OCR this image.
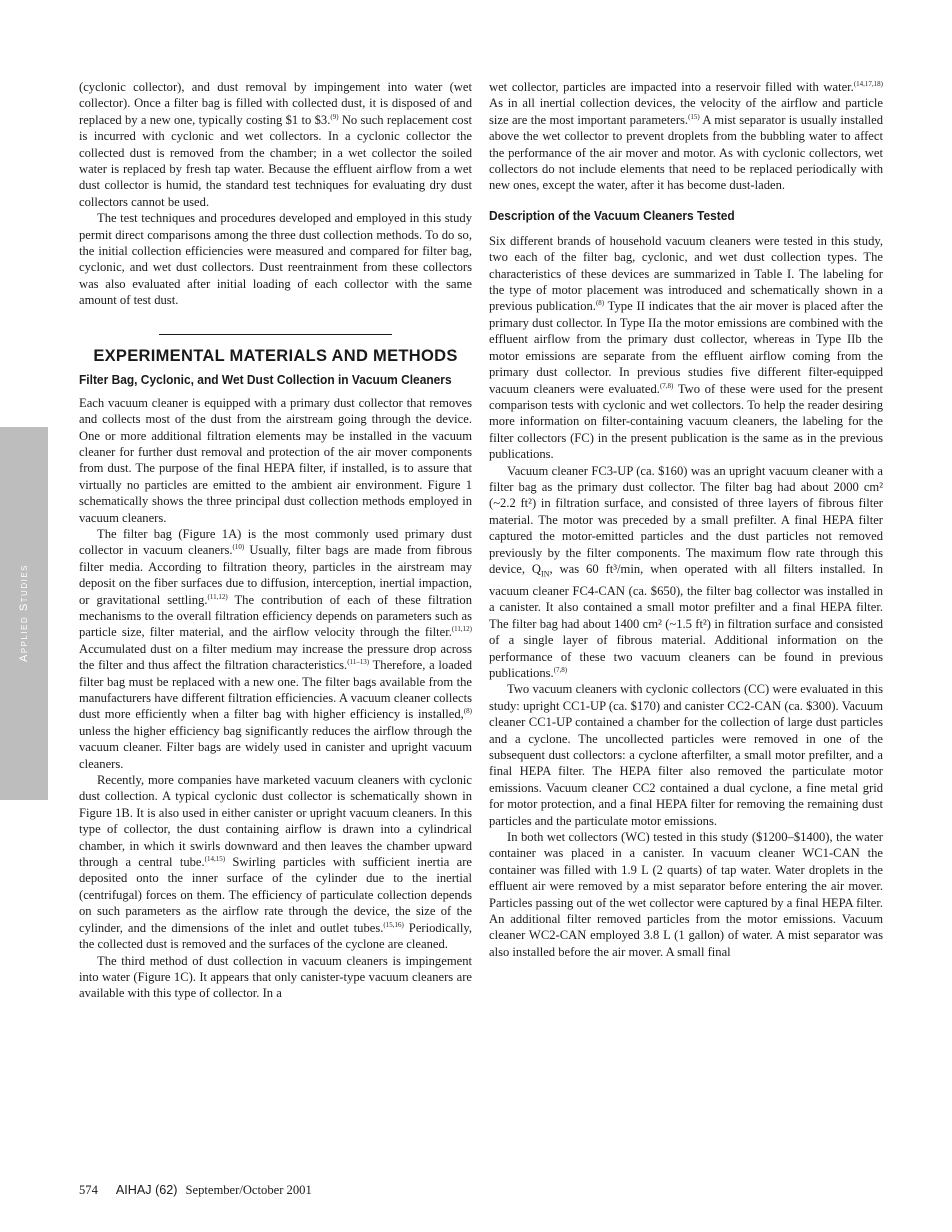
Applied Studies

(cyclonic collector), and dust removal by impingement into water (wet collector). Once a filter bag is filled with collected dust, it is disposed of and replaced by a new one, typically costing $1 to $3.$^{(9)}$ No such replacement cost is incurred with cyclonic and wet collectors. In a cyclonic collector the collected dust is removed from the chamber; in a wet collector the soiled water is replaced by fresh tap water. Because the effluent airflow from a wet dust collector is humid, the standard test techniques for evaluating dry dust collectors cannot be used.

The test techniques and procedures developed and employed in this study permit direct comparisons among the three dust collection methods. To do so, the initial collection efficiencies were measured and compared for filter bag, cyclonic, and wet dust collectors. Dust reentrainment from these collectors was also evaluated after initial loading of each collector with the same amount of test dust.

EXPERIMENTAL MATERIALS AND METHODS
Filter Bag, Cyclonic, and Wet Dust Collection in Vacuum Cleaners

Each vacuum cleaner is equipped with a primary dust collector that removes and collects most of the dust from the airstream going through the device. One or more additional filtration elements may be installed in the vacuum cleaner for further dust removal and protection of the air mover components from dust. The purpose of the final HEPA filter, if installed, is to assure that virtually no particles are emitted to the ambient air environment. Figure 1 schematically shows the three principal dust collection methods employed in vacuum cleaners.

The filter bag (Figure 1A) is the most commonly used primary dust collector in vacuum cleaners.$^{(10)}$ Usually, filter bags are made from fibrous filter media. According to filtration theory, particles in the airstream may deposit on the fiber surfaces due to diffusion, interception, inertial impaction, or gravitational settling.$^{(11,12)}$ The contribution of each of these filtration mechanisms to the overall filtration efficiency depends on parameters such as particle size, filter material, and the airflow velocity through the filter.$^{(11,12)}$ Accumulated dust on a filter medium may increase the pressure drop across the filter and thus affect the filtration characteristics.$^{(11-13)}$ Therefore, a loaded filter bag must be replaced with a new one. The filter bags available from the manufacturers have different filtration efficiencies. A vacuum cleaner collects dust more efficiently when a filter bag with higher efficiency is installed,$^{(8)}$ unless the higher efficiency bag significantly reduces the airflow through the vacuum cleaner. Filter bags are widely used in canister and upright vacuum cleaners.

Recently, more companies have marketed vacuum cleaners with cyclonic dust collection. A typical cyclonic dust collector is schematically shown in Figure 1B. It is also used in either canister or upright vacuum cleaners. In this type of collector, the dust containing airflow is drawn into a cylindrical chamber, in which it swirls downward and then leaves the chamber upward through a central tube.$^{(14,15)}$ Swirling particles with sufficient inertia are deposited onto the inner surface of the cylinder due to the inertial (centrifugal) forces on them. The efficiency of particulate collection depends on such parameters as the airflow rate through the device, the size of the cylinder, and the dimensions of the inlet and outlet tubes.$^{(15,16)}$ Periodically, the collected dust is removed and the surfaces of the cyclone are cleaned.

The third method of dust collection in vacuum cleaners is impingement into water (Figure 1C). It appears that only canister-type vacuum cleaners are available with this type of collector. In a

wet collector, particles are impacted into a reservoir filled with water.$^{(14,17,18)}$ As in all inertial collection devices, the velocity of the airflow and particle size are the most important parameters.$^{(15)}$ A mist separator is usually installed above the wet collector to prevent droplets from the bubbling water to affect the performance of the air mover and motor. As with cyclonic collectors, wet collectors do not include elements that need to be replaced periodically with new ones, except the water, after it has become dust-laden.

Description of the Vacuum Cleaners Tested

Six different brands of household vacuum cleaners were tested in this study, two each of the filter bag, cyclonic, and wet dust collection types. The characteristics of these devices are summarized in Table I. The labeling for the type of motor placement was introduced and schematically shown in a previous publication.$^{(8)}$ Type II indicates that the air mover is placed after the primary dust collector. In Type IIa the motor emissions are combined with the effluent airflow from the primary dust collector, whereas in Type IIb the motor emissions are separate from the effluent airflow coming from the primary dust collector. In previous studies five different filter-equipped vacuum cleaners were evaluated.$^{(7,8)}$ Two of these were used for the present comparison tests with cyclonic and wet collectors. To help the reader desiring more information on filter-containing vacuum cleaners, the labeling for the filter collectors (FC) in the present publication is the same as in the previous publications.

Vacuum cleaner FC3-UP (ca. $160) was an upright vacuum cleaner with a filter bag as the primary dust collector. The filter bag had about 2000 cm² (~2.2 ft²) in filtration surface, and consisted of three layers of fibrous filter material. The motor was preceded by a small prefilter. A final HEPA filter captured the motor-emitted particles and the dust particles not removed previously by the filter components. The maximum flow rate through this device, $Q_{IN}$, was 60 ft³/min, when operated with all filters installed. In vacuum cleaner FC4-CAN (ca. $650), the filter bag collector was installed in a canister. It also contained a small motor prefilter and a final HEPA filter. The filter bag had about 1400 cm² (~1.5 ft²) in filtration surface and consisted of a single layer of fibrous material. Additional information on the performance of these two vacuum cleaners can be found in previous publications.$^{(7,8)}$

Two vacuum cleaners with cyclonic collectors (CC) were evaluated in this study: upright CC1-UP (ca. $170) and canister CC2-CAN (ca. $300). Vacuum cleaner CC1-UP contained a chamber for the collection of large dust particles and a cyclone. The uncollected particles were removed in one of the subsequent dust collectors: a cyclone afterfilter, a small motor prefilter, and a final HEPA filter. The HEPA filter also removed the particulate motor emissions. Vacuum cleaner CC2 contained a dual cyclone, a fine metal grid for motor protection, and a final HEPA filter for removing the remaining dust particles and the particulate motor emissions.

In both wet collectors (WC) tested in this study ($1200–$1400), the water container was placed in a canister. In vacuum cleaner WC1-CAN the container was filled with 1.9 L (2 quarts) of tap water. Water droplets in the effluent air were removed by a mist separator before entering the air mover. Particles passing out of the wet collector were captured by a final HEPA filter. An additional filter removed particles from the motor emissions. Vacuum cleaner WC2-CAN employed 3.8 L (1 gallon) of water. A mist separator was also installed before the air mover. A small final

574 AIHAJ (62) September/October 2001
